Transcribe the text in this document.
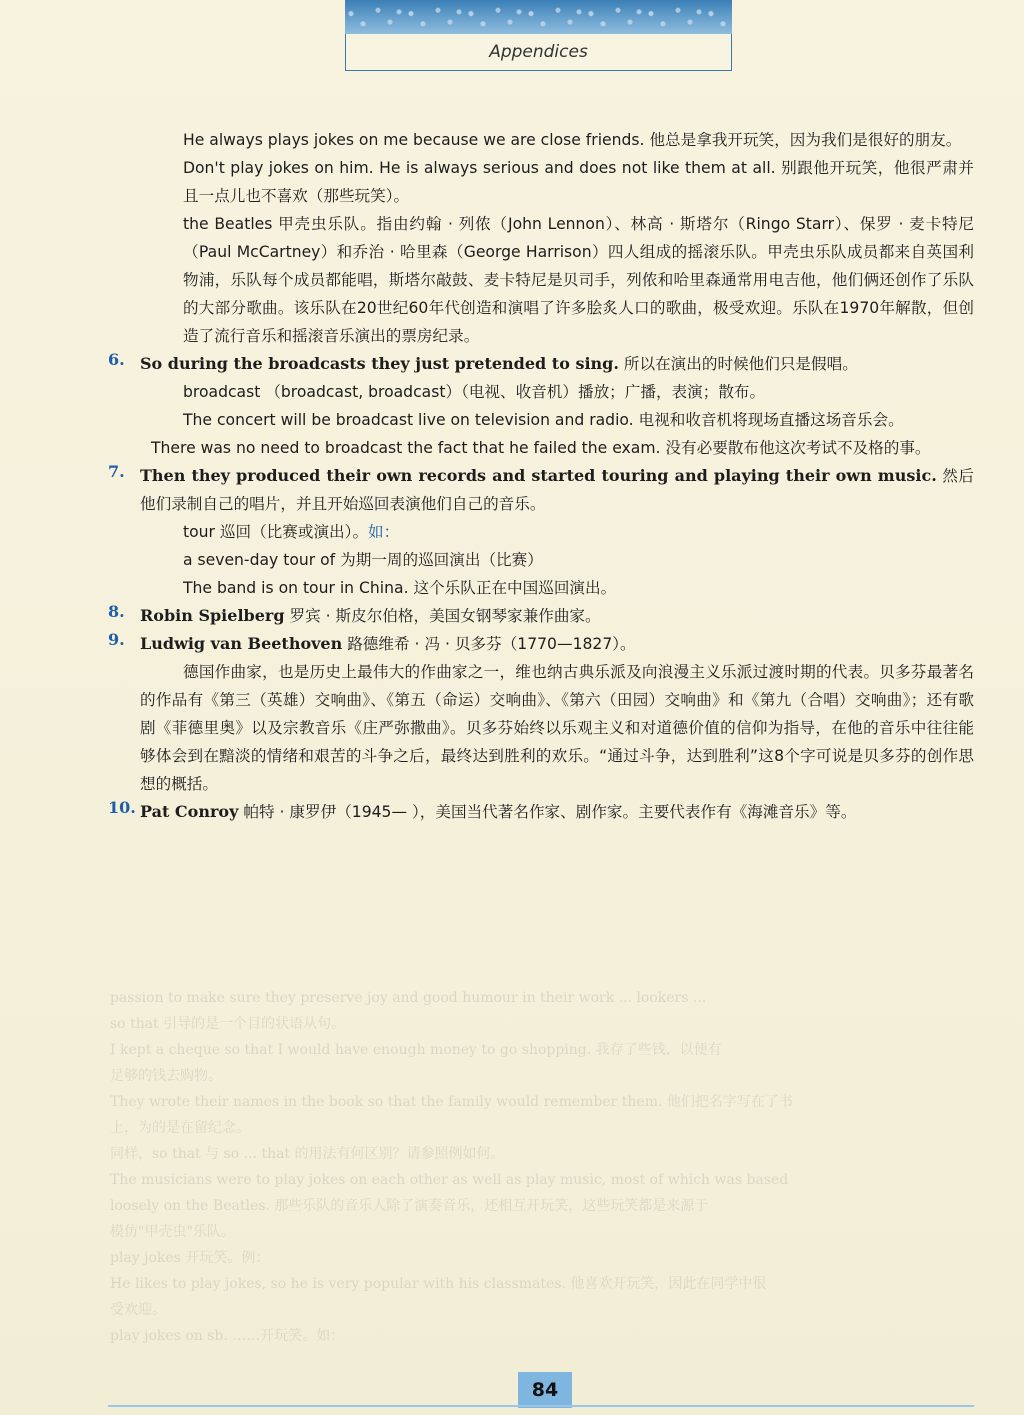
Appendices
passion to make sure they preserve joy and good humour in their work ... lookers ...
so that 引导的是一个目的状语从句。
I kept a cheque so that I would have enough money to go shopping. 我存了些钱，以便有
足够的钱去购物。
They wrote their names in the book so that the family would remember them. 他们把名字写在了书
上，为的是在留纪念。
同样，so that 与 so ... that 的用法有何区别？请参照例如何。
The musicians were to play jokes on each other as well as play music, most of which was based
loosely on the Beatles. 那些乐队的音乐人除了演奏音乐，还相互开玩笑，这些玩笑都是来源于
模仿"甲壳虫"乐队。
play jokes 开玩笑。例：
He likes to play jokes, so he is very popular with his classmates. 他喜欢开玩笑，因此在同学中很
受欢迎。
play jokes on sb. ……开玩笑。如：

He always plays jokes on me because we are close friends. 他总是拿我开玩笑，因为我们是很好的朋友。

Don't play jokes on him. He is always serious and does not like them at all. 别跟他开玩笑，他很严肃并且一点儿也不喜欢（那些玩笑）。

the Beatles 甲壳虫乐队。指由约翰 · 列侬（John Lennon）、林高 · 斯塔尔（Ringo Starr）、保罗 · 麦卡特尼（Paul McCartney）和乔治 · 哈里森（George Harrison）四人组成的摇滚乐队。甲壳虫乐队成员都来自英国利物浦，乐队每个成员都能唱，斯塔尔敲鼓、麦卡特尼是贝司手，列侬和哈里森通常用电吉他，他们俩还创作了乐队的大部分歌曲。该乐队在20世纪60年代创造和演唱了许多脍炙人口的歌曲，极受欢迎。乐队在1970年解散，但创造了流行音乐和摇滚音乐演出的票房纪录。

6. So during the broadcasts they just pretended to sing. 所以在演出的时候他们只是假唱。

broadcast （broadcast, broadcast）（电视、收音机）播放；广播，表演；散布。

The concert will be broadcast live on television and radio. 电视和收音机将现场直播这场音乐会。

There was no need to broadcast the fact that he failed the exam. 没有必要散布他这次考试不及格的事。

7. Then they produced their own records and started touring and playing their own music. 然后他们录制自己的唱片，并且开始巡回表演他们自己的音乐。

tour 巡回（比赛或演出）。如：

a seven-day tour of 为期一周的巡回演出（比赛）

The band is on tour in China. 这个乐队正在中国巡回演出。

8. Robin Spielberg 罗宾 · 斯皮尔伯格，美国女钢琴家兼作曲家。

9. Ludwig van Beethoven 路德维希 · 冯 · 贝多芬（1770—1827）。

德国作曲家，也是历史上最伟大的作曲家之一，维也纳古典乐派及向浪漫主义乐派过渡时期的代表。贝多芬最著名的作品有《第三（英雄）交响曲》、《第五（命运）交响曲》、《第六（田园）交响曲》和《第九（合唱）交响曲》；还有歌剧《菲德里奥》以及宗教音乐《庄严弥撒曲》。贝多芬始终以乐观主义和对道德价值的信仰为指导，在他的音乐中往往能够体会到在黯淡的情绪和艰苦的斗争之后，最终达到胜利的欢乐。“通过斗争，达到胜利”这8个字可说是贝多芬的创作思想的概括。

10. Pat Conroy 帕特 · 康罗伊（1945— ），美国当代著名作家、剧作家。主要代表作有《海滩音乐》等。

84
